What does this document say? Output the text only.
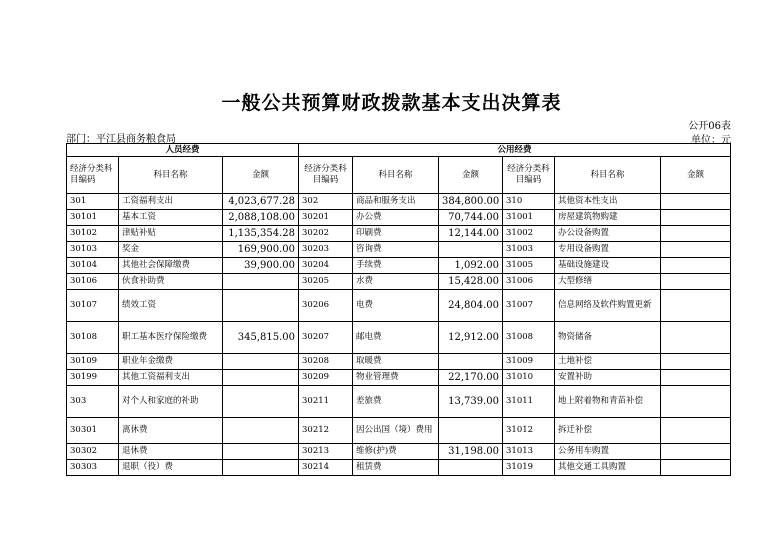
一般公共预算财政拨款基本支出决算表
公开06表
部门：平江县商务粮食局	单位：元
人员经费			公用经费					
经济分类科目编码	科目名称	金额	经济分类科目编码	科目名称	金额	经济分类科目编码	科目名称	金额
301	工资福利支出	4,023,677.28	302	商品和服务支出	384,800.00	310	其他资本性支出	
30101	基本工资	2,088,108.00	30201	办公费	70,744.00	31001	房屋建筑物购建	
30102	津贴补贴	1,135,354.28	30202	印刷费	12,144.00	31002	办公设备购置	
30103	奖金	169,900.00	30203	咨询费		31003	专用设备购置	
30104	其他社会保障缴费	39,900.00	30204	手续费	1,092.00	31005	基础设施建设	
30106	伙食补助费		30205	水费	15,428.00	31006	大型修缮	
30107	绩效工资		30206	电费	24,804.00	31007	信息网络及软件购置更新	
30108	职工基本医疗保险缴费	345,815.00	30207	邮电费	12,912.00	31008	物资储备	
30109	职业年金缴费		30208	取暖费		31009	土地补偿	
30199	其他工资福利支出		30209	物业管理费	22,170.00	31010	安置补助	
303	对个人和家庭的补助		30211	差旅费	13,739.00	31011	地上附着物和青苗补偿	
30301	离休费		30212	因公出国（境）费用		31012	拆迁补偿	
30302	退休费		30213	维修(护)费	31,198.00	31013	公务用车购置	
30303	退职（役）费		30214	租赁费		31019	其他交通工具购置	
